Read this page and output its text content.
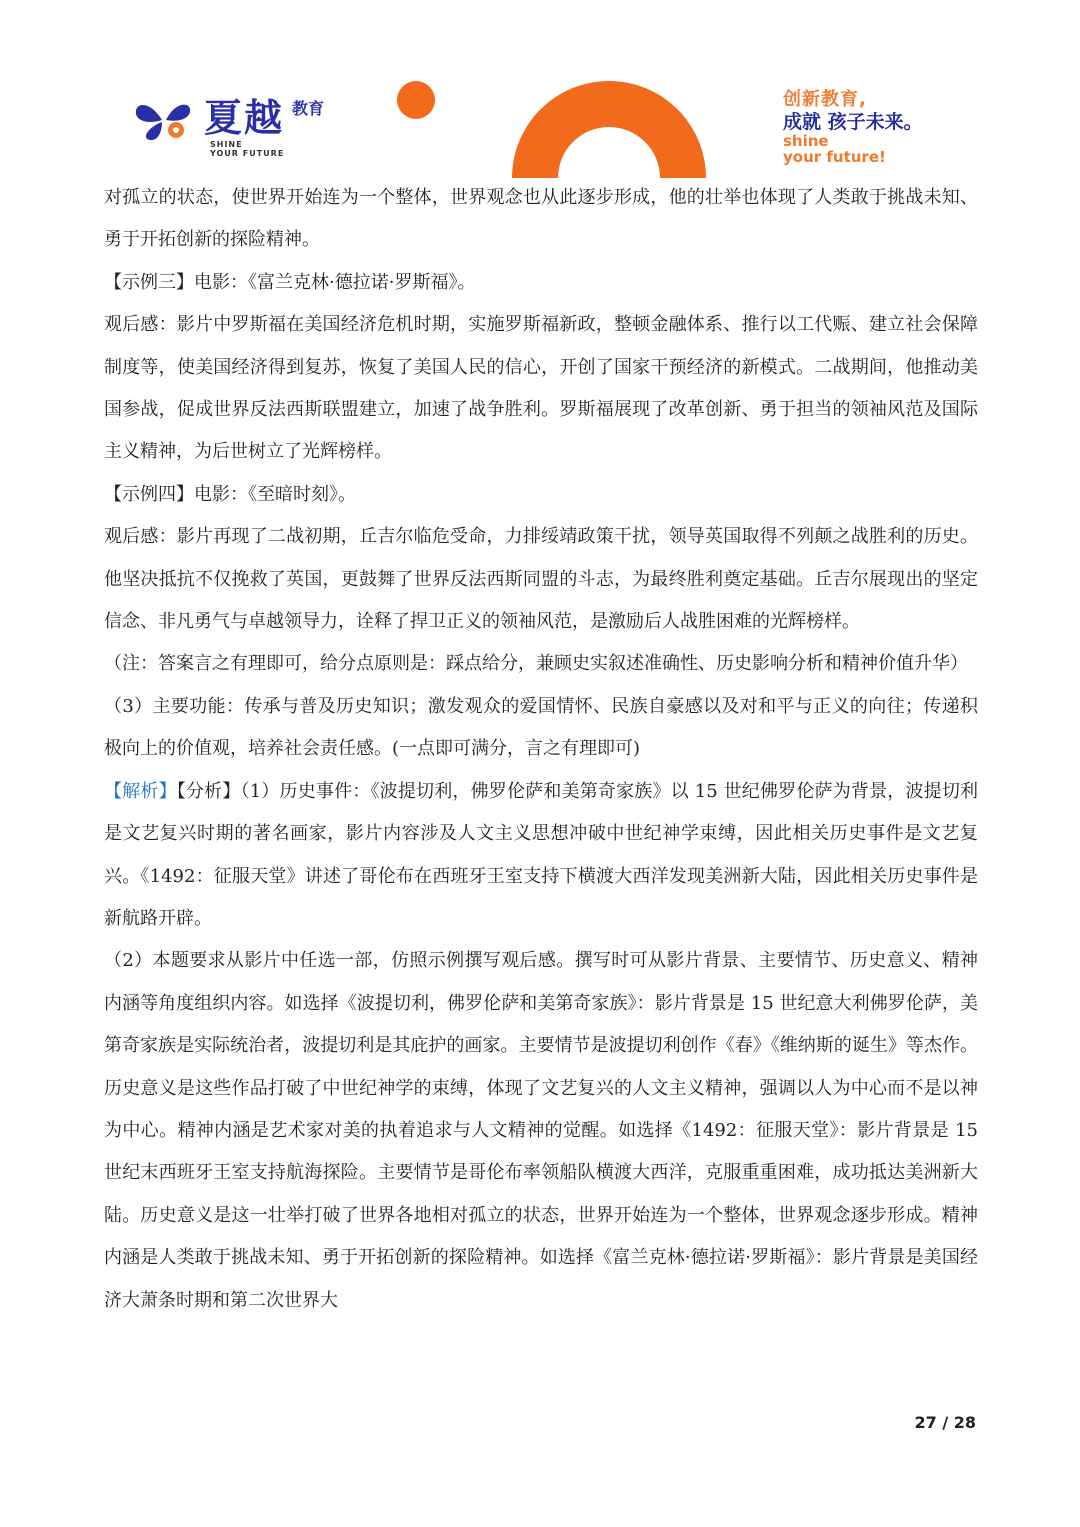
夏越 教育
SHINE
YOUR FUTURE
创新教育,
成就 孩子未来。
shine
your future!

对孤立的状态，使世界开始连为一个整体，世界观念也从此逐步形成，他的壮举也体现了人类敢于挑战未知、勇于开拓创新的探险精神。

【示例三】电影：《富兰克林·德拉诺·罗斯福》。

观后感：影片中罗斯福在美国经济危机时期，实施罗斯福新政，整顿金融体系、推行以工代赈、建立社会保障制度等，使美国经济得到复苏，恢复了美国人民的信心，开创了国家干预经济的新模式。二战期间，他推动美国参战，促成世界反法西斯联盟建立，加速了战争胜利。罗斯福展现了改革创新、勇于担当的领袖风范及国际主义精神，为后世树立了光辉榜样。

【示例四】电影：《至暗时刻》。

观后感：影片再现了二战初期，丘吉尔临危受命，力排绥靖政策干扰，领导英国取得不列颠之战胜利的历史。他坚决抵抗不仅挽救了英国，更鼓舞了世界反法西斯同盟的斗志，为最终胜利奠定基础。丘吉尔展现出的坚定信念、非凡勇气与卓越领导力，诠释了捍卫正义的领袖风范，是激励后人战胜困难的光辉榜样。

（注：答案言之有理即可，给分点原则是：踩点给分，兼顾史实叙述准确性、历史影响分析和精神价值升华）

（3）主要功能：传承与普及历史知识；激发观众的爱国情怀、民族自豪感以及对和平与正义的向往；传递积极向上的价值观，培养社会责任感。(一点即可满分，言之有理即可)

【解析】【分析】（1）历史事件：《波提切利，佛罗伦萨和美第奇家族》以 15 世纪佛罗伦萨为背景，波提切利是文艺复兴时期的著名画家，影片内容涉及人文主义思想冲破中世纪神学束缚，因此相关历史事件是文艺复兴。《1492：征服天堂》讲述了哥伦布在西班牙王室支持下横渡大西洋发现美洲新大陆，因此相关历史事件是新航路开辟。

（2）本题要求从影片中任选一部，仿照示例撰写观后感。撰写时可从影片背景、主要情节、历史意义、精神内涵等角度组织内容。如选择《波提切利，佛罗伦萨和美第奇家族》：影片背景是 15 世纪意大利佛罗伦萨，美第奇家族是实际统治者，波提切利是其庇护的画家。主要情节是波提切利创作《春》《维纳斯的诞生》等杰作。历史意义是这些作品打破了中世纪神学的束缚，体现了文艺复兴的人文主义精神，强调以人为中心而不是以神为中心。精神内涵是艺术家对美的执着追求与人文精神的觉醒。如选择《1492：征服天堂》：影片背景是 15 世纪末西班牙王室支持航海探险。主要情节是哥伦布率领船队横渡大西洋，克服重重困难，成功抵达美洲新大陆。历史意义是这一壮举打破了世界各地相对孤立的状态，世界开始连为一个整体，世界观念逐步形成。精神内涵是人类敢于挑战未知、勇于开拓创新的探险精神。如选择《富兰克林·德拉诺·罗斯福》：影片背景是美国经济大萧条时期和第二次世界大

27 / 28
